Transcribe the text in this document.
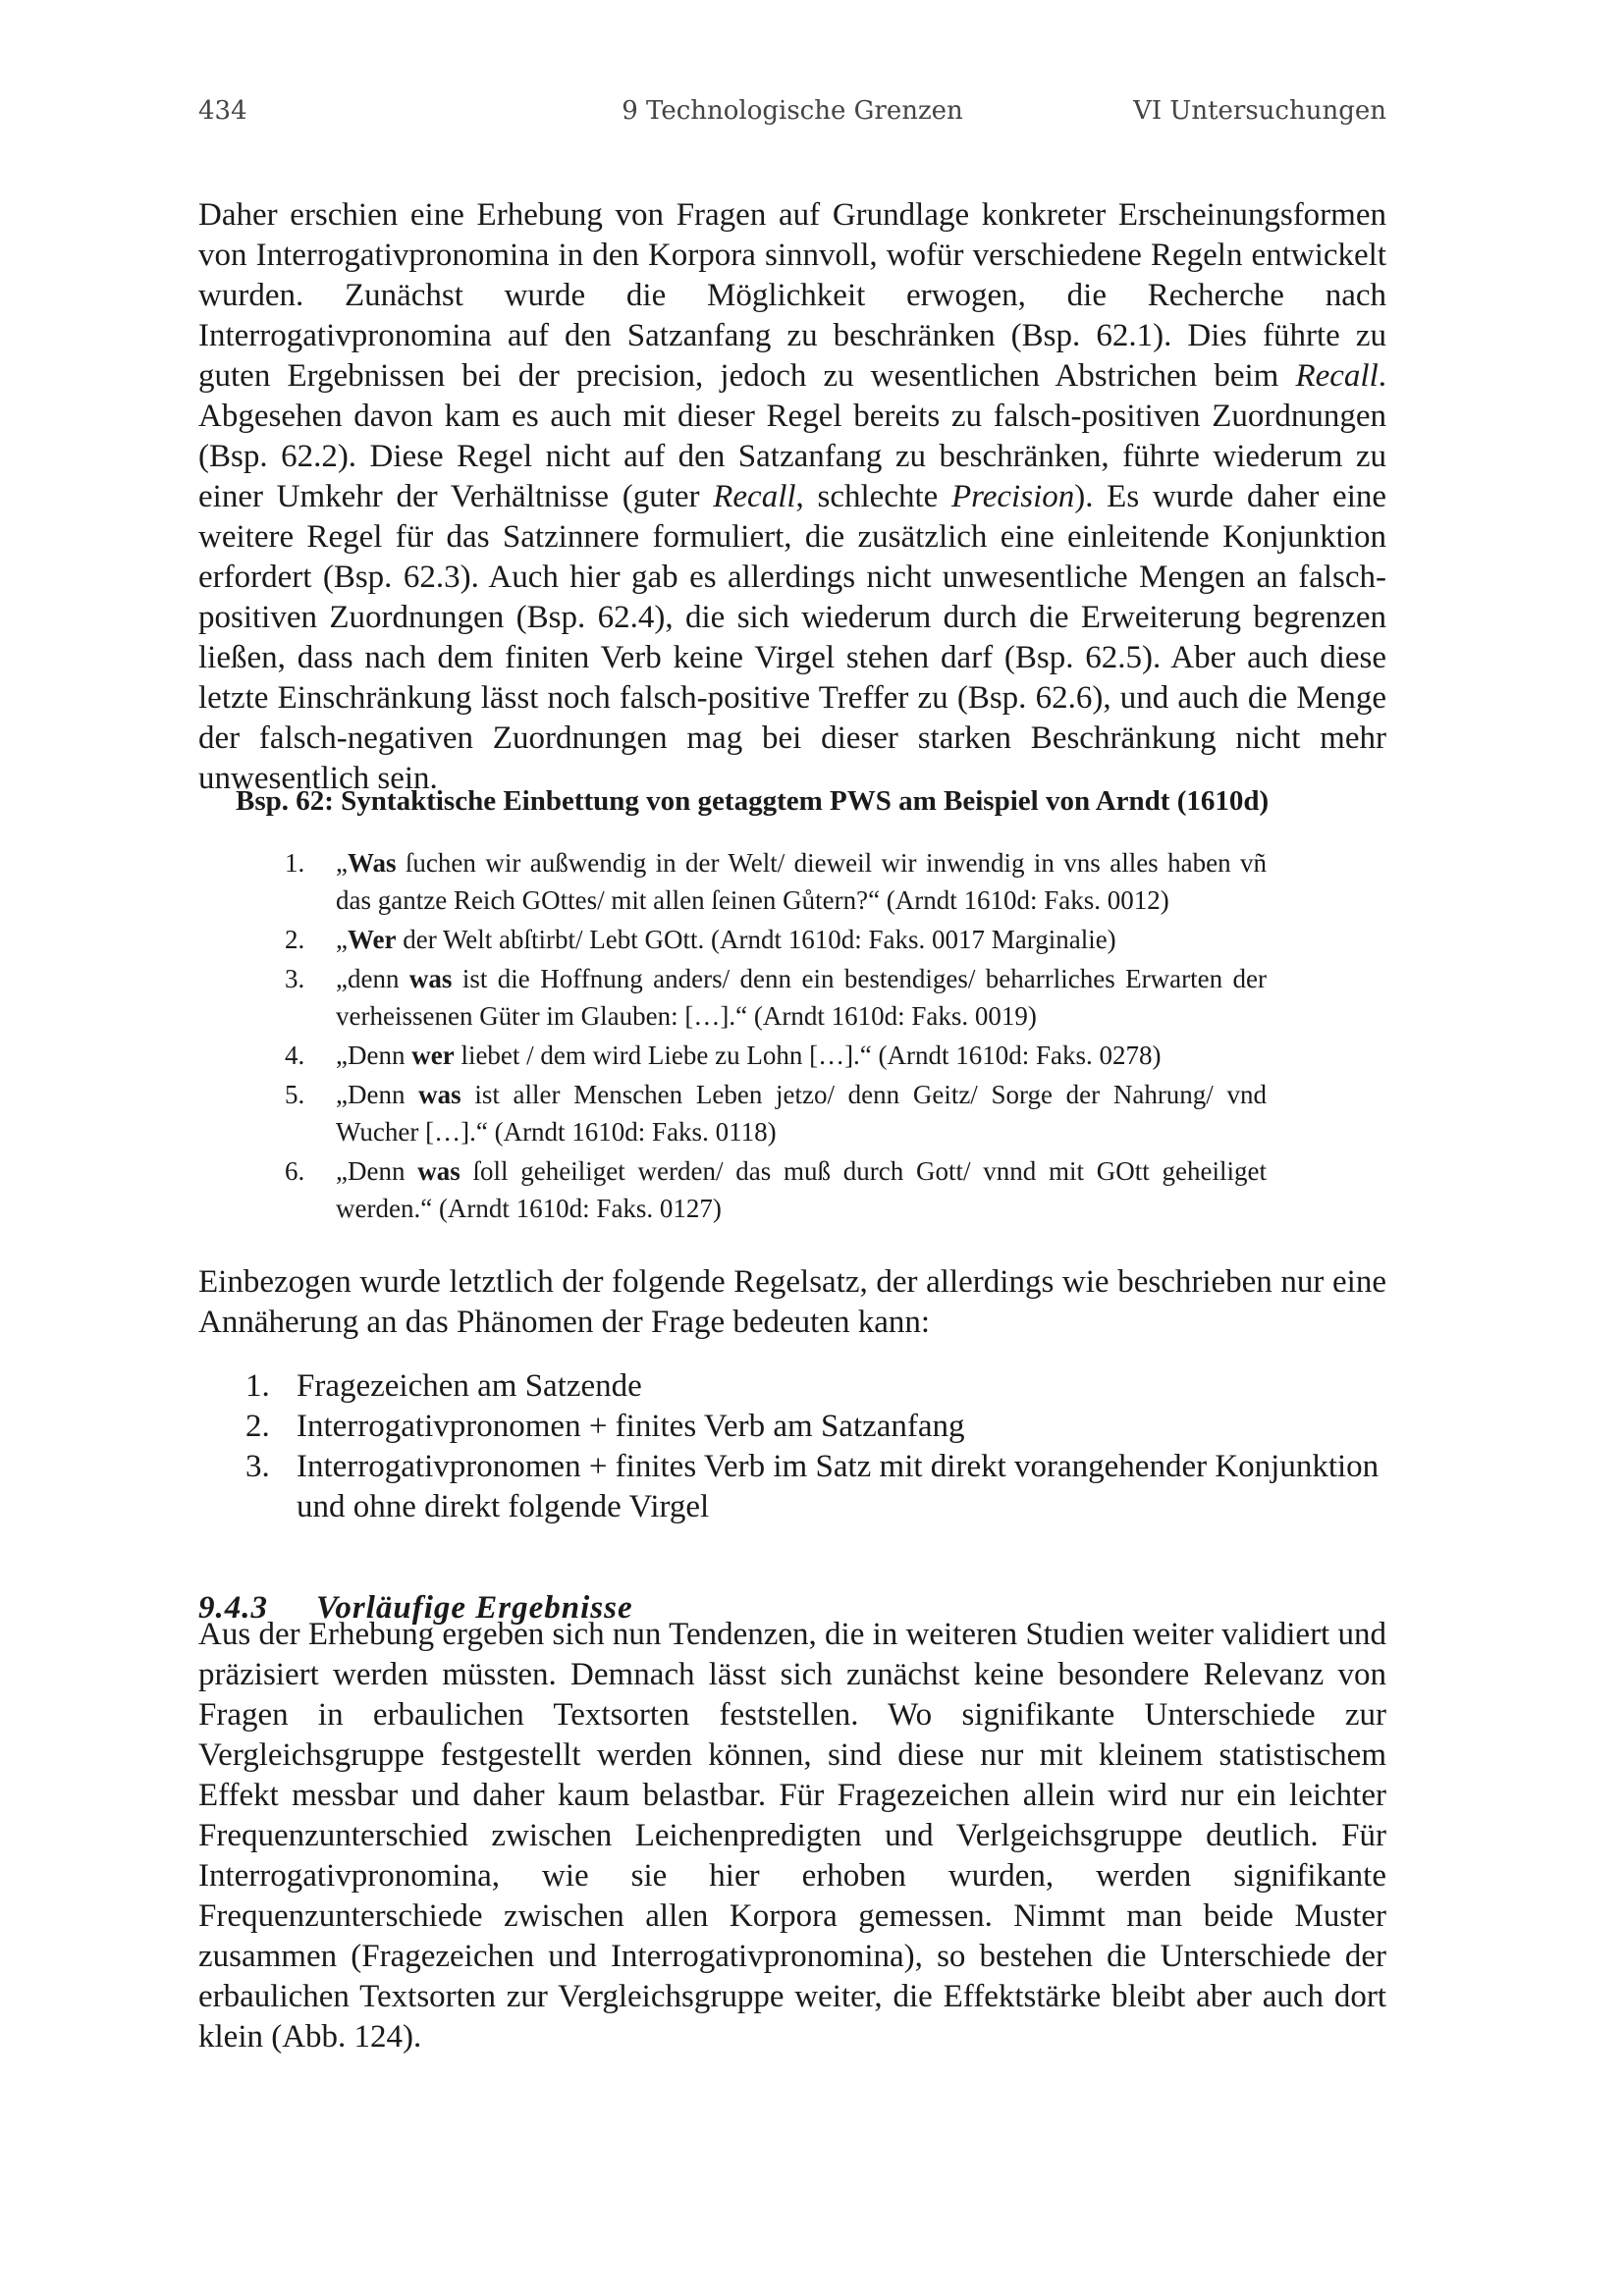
434	9 Technologische Grenzen	VI Untersuchungen

Daher erschien eine Erhebung von Fragen auf Grundlage konkreter Erscheinungsformen von Interrogativpronomina in den Korpora sinnvoll, wofür verschiedene Regeln entwickelt wurden. Zunächst wurde die Möglichkeit erwogen, die Recherche nach Interrogativpronomina auf den Satzanfang zu beschränken (Bsp. 62.1). Dies führte zu guten Ergebnissen bei der precision, jedoch zu wesentlichen Abstrichen beim Recall. Abgesehen davon kam es auch mit dieser Regel bereits zu falsch-positiven Zuordnungen (Bsp. 62.2). Diese Regel nicht auf den Satzanfang zu beschränken, führte wiederum zu einer Umkehr der Verhältnisse (guter Recall, schlechte Precision). Es wurde daher eine weitere Regel für das Satzinnere formuliert, die zusätzlich eine einleitende Konjunktion erfordert (Bsp. 62.3). Auch hier gab es allerdings nicht unwesentliche Mengen an falsch-positiven Zuordnungen (Bsp. 62.4), die sich wiederum durch die Erweiterung begrenzen ließen, dass nach dem finiten Verb keine Virgel stehen darf (Bsp. 62.5). Aber auch diese letzte Einschränkung lässt noch falsch-positive Treffer zu (Bsp. 62.6), und auch die Menge der falsch-negativen Zuordnungen mag bei dieser starken Beschränkung nicht mehr unwesentlich sein.

Bsp. 62: Syntaktische Einbettung von getaggtem PWS am Beispiel von Arndt (1610d)
1. „Was ſuchen wir außwendig in der Welt/ dieweil wir inwendig in vns alles haben vñ das gantze Reich GOttes/ mit allen ſeinen Gůtern?“ (Arndt 1610d: Faks. 0012)
2. „Wer der Welt abſtirbt/ Lebt GOtt. (Arndt 1610d: Faks. 0017 Marginalie)
3. „denn was ist die Hoffnung anders/ denn ein bestendiges/ beharrliches Erwarten der verheissenen Güter im Glauben: […].“ (Arndt 1610d: Faks. 0019)
4. „Denn wer liebet / dem wird Liebe zu Lohn […].“ (Arndt 1610d: Faks. 0278)
5. „Denn was ist aller Menschen Leben jetzo/ denn Geitz/ Sorge der Nahrung/ vnd Wucher […].“ (Arndt 1610d: Faks. 0118)
6. „Denn was ſoll geheiliget werden/ das muß durch Gott/ vnnd mit GOtt geheiliget werden.“ (Arndt 1610d: Faks. 0127)

Einbezogen wurde letztlich der folgende Regelsatz, der allerdings wie beschrieben nur eine Annäherung an das Phänomen der Frage bedeuten kann:

1. Fragezeichen am Satzende
2. Interrogativpronomen + finites Verb am Satzanfang
3. Interrogativpronomen + finites Verb im Satz mit direkt vorangehender Konjunktion und ohne direkt folgende Virgel
9.4.3 Vorläufige Ergebnisse

Aus der Erhebung ergeben sich nun Tendenzen, die in weiteren Studien weiter validiert und präzisiert werden müssten. Demnach lässt sich zunächst keine besondere Relevanz von Fragen in erbaulichen Textsorten feststellen. Wo signifikante Unterschiede zur Vergleichsgruppe festgestellt werden können, sind diese nur mit kleinem statistischem Effekt messbar und daher kaum belastbar. Für Fragezeichen allein wird nur ein leichter Frequenzunterschied zwischen Leichenpredigten und Verlgeichsgruppe deutlich. Für Interrogativpronomina, wie sie hier erhoben wurden, werden signifikante Frequenzunterschiede zwischen allen Korpora gemessen. Nimmt man beide Muster zusammen (Fragezeichen und Interrogativpronomina), so bestehen die Unterschiede der erbaulichen Textsorten zur Vergleichsgruppe weiter, die Effektstärke bleibt aber auch dort klein (Abb. 124).
